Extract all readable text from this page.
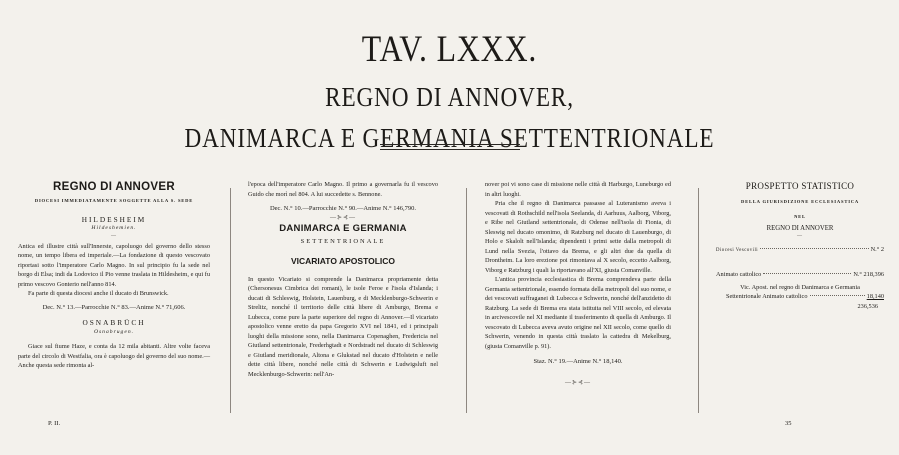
TAV. LXXX.
REGNO DI ANNOVER,
DANIMARCA E GERMANIA SETTENTRIONALE
REGNO DI ANNOVER
DIOCESI IMMEDIATAMENTE SOGGETTE ALLA S. SEDE
HILDESHEIM
Hildeshemien.
—

Antica ed illustre città sull'Innerste, capoluogo del governo dello stesso nome, un tempo libera ed imperiale.—La fondazione di questo vescovato riportasi sotto l'imperatore Carlo Magno. In sul principio fu la sede nel borgo di Elsa; indi da Lodovico il Pio venne traslata in Hildesheim, e qui fu primo vescovo Gonterio nell'anno 814.

Fa parte di questa diocesi anche il ducato di Brunswick.

Dec. N.° 13.—Parrocchie N.° 83.—Anime N.° 71,606.
OSNABRÜCH
Osnabrugen.

Giace sul fiume Haze, e conta da 12 mila abitanti. Altre volte faceva parte del circolo di Westfalia, ora è capoluogo del governo del suo nome.—Anche questa sede rimonta al-

P. II.

l'epoca dell'imperatore Carlo Magno. Il primo a governarla fu il vescovo Guido che morì nel 804. A lui succedette s. Bennone.

Dec. N.° 10.—Parrocchie N.° 90.—Anime N.° 146,790.
—⊱⊰—
DANIMARCA E GERMANIA
SETTENTRIONALE
VICARIATO APOSTOLICO

In questo Vicariato si comprende la Danimarca propriamente detta (Chersonesus Cimbrica dei romani), le isole Feroe e l'isola d'Islanda; i ducati di Schleswig, Holstein, Lauenburg, e di Mecklenburgo-Schwerin e Strelitz, nonché il territorio delle città libere di Amburgo, Brema e Lubecca, come pure la parte superiore del regno di Annover.—Il vicariato apostolico venne eretto da papa Gregorio XVI nel 1841, ed i principali luoghi della missione sono, nella Danimarca Copenaghen, Fredericia nel Giutland settentrionale, Frederhgtadt e Nordstradt nel ducato di Schleswig e Giutland meridionale, Altona e Glukstad nel ducato d'Holstein e nelle dette città libere, nonché nelle città di Schwerin e Ludwigsluft nel Mecklenburgo-Schwerin: nell'An-

nover poi vi sono case di missione nelle città di Harburgo, Luneburgo ed in altri luoghi.

Pria che il regno di Danimarca passasse al Luteranismo aveva i vescovati di Rothschild nell'isola Seelanda, di Aarhuus, Aalborg, Viborg, e Ribe nel Giutland settentrionale, di Odense nell'isola di Fionia, di Sleswig nel ducato omonimo, di Ratzburg nel ducato di Lauenburgo, di Holo e Skalolt nell'Islanda; dipendenti i primi sette dalla metropoli di Lund nella Svezia, l'ottavo da Brema, e gli altri due da quella di Drontheim. La loro erezione poi rimontava al X secolo, eccetto Aalborg, Viborg e Ratzburg i quali la riportavano all'XI, giusta Comanville.

L'antica provincia ecclesiastica di Brema comprendeva parte della Germania settentrionale, essendo formata della metropoli del suo nome, e dei vescovati suffraganei di Lubecca e Schwerin, nonché dell'anzidetto di Ratzburg. La sede di Brema era stata istituita nel VIII secolo, ed elevata in arcivescovile nel XI mediante il trasferimento di quella di Amburgo. Il vescovato di Lubecca aveva avuto origine nel XII secolo, come quello di Schwerin, venendo in questa città traslato la cattedra di Mekelburg, (giusta Comanville p. 91).

Staz. N.° 19.—Anime N.° 18,140.
—⊱⊰—
PROSPETTO STATISTICO
DELLA GIURISDIZIONE ECCLESIASTICA
NEL
REGNO DI ANNOVER
—
Diocesi Vescovili	N.° 2
Animato cattolico	N.° 218,396
Vic. Apost. nel regno di Danimarca e Germania
Settentrionale Animato cattolico	18,140
236,536
35
